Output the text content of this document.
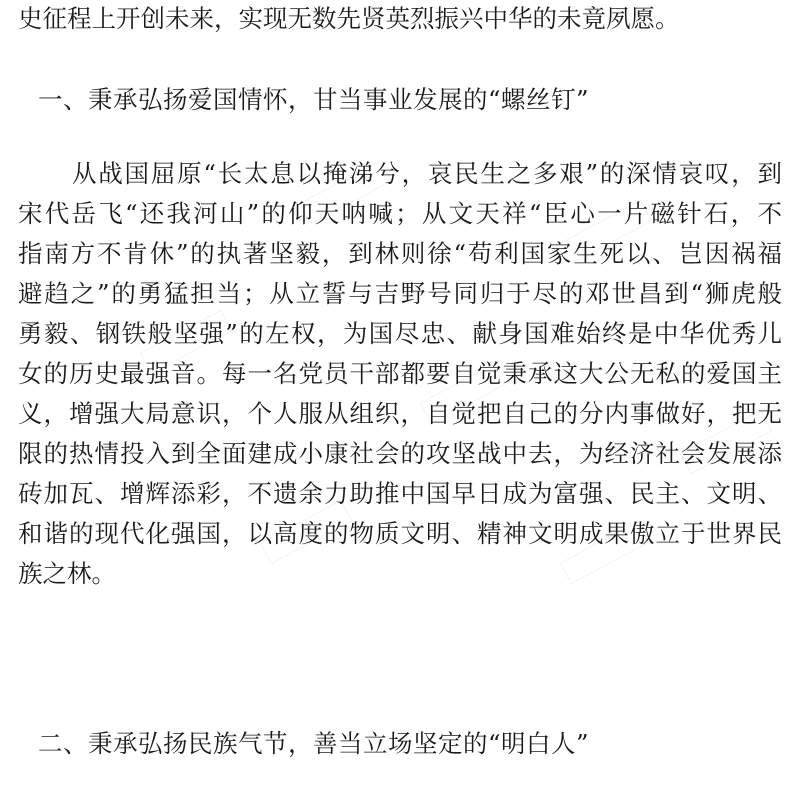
史征程上开创未来，实现无数先贤英烈振兴中华的未竟夙愿。

一、秉承弘扬爱国情怀，甘当事业发展的“螺丝钉”

从战国屈原“长太息以掩涕兮，哀民生之多艰”的深情哀叹，到

宋代岳飞“还我河山”的仰天呐喊；从文天祥“臣心一片磁针石，不

指南方不肯休”的执著坚毅，到林则徐“苟利国家生死以、岂因祸福

避趋之”的勇猛担当；从立誓与吉野号同归于尽的邓世昌到“狮虎般

勇毅、钢铁般坚强”的左权，为国尽忠、献身国难始终是中华优秀儿

女的历史最强音。每一名党员干部都要自觉秉承这大公无私的爱国主

义，增强大局意识，个人服从组织，自觉把自己的分内事做好，把无

限的热情投入到全面建成小康社会的攻坚战中去，为经济社会发展添

砖加瓦、增辉添彩，不遗余力助推中国早日成为富强、民主、文明、

和谐的现代化强国，以高度的物质文明、精神文明成果傲立于世界民

族之林。

二、秉承弘扬民族气节，善当立场坚定的“明白人”
